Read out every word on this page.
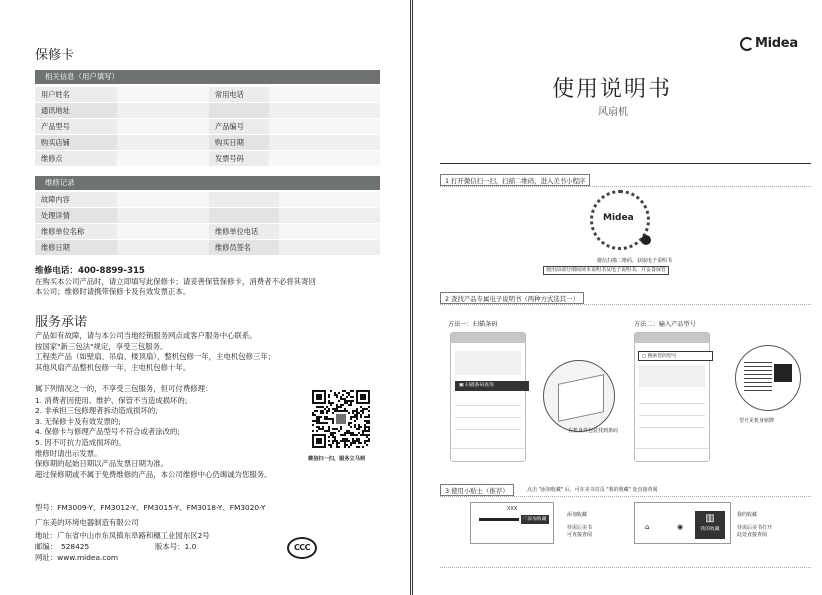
保修卡
相关信息（用户填写）
用户姓名		常用电话	
通讯地址			
产品型号		产品编号	
购买店铺		购买日期	
维修点		发票号码	
维修记录
故障内容			
处理详情			
维修单位名称		维修单位电话	
维修日期		维修员签名	
维修电话：400-8899-315
在购买本公司产品时，请立即填写此保修卡；请妥善保管保修卡，消费者不必将其寄回
本公司；维修时请携带保修卡及有效发票正本。
服务承诺
产品如有故障，请与本公司当地经销服务网点或客户服务中心联系。
按国家"新三包法"规定，享受三包服务。
工程类产品（如壁扇、吊扇、楼顶扇），整机包修一年，主电机包修三年；
其他风扇产品整机包修一年，主电机包修十年。
属下列情况之一的，不享受三包服务，但可付费修理：
1. 消费者因使用、维护、保管不当造成损坏的;
2. 非承担三包修理者拆动造成损坏的;
3. 无保修卡及有效发票的;
4. 保修卡与修理产品型号不符合或者涂改的;
5. 因不可抗力造成损坏的。
维修时请出示发票。
保修期的起始日期以产品发票日期为准。
超过保修期或不属于免费维修的产品，本公司维修中心仍竭诚为您服务。
微信扫一扫，服务立马到
型号：FM3009-Y、FM3012-Y、FM3015-Y、FM3018-Y、FM3020-Y
广东美的环境电器制造有限公司
地址：广东省中山市东凤镇东阜路和穗工业园东区2号
邮编： 528425	版本号：1.0
网址：www.midea.com
CCC
Midea
使用说明书
风扇机
1 打开微信扫一扫，扫描二维码，进入美书小程序
Midea
微信扫描二维码，获取电子说明书
使用前请仔细阅读本说明书及电子说明书，并妥善保管
2 查找产品专属电子说明书（两种方式选其一）
方法一：扫描条码	方法二：输入产品型号
▣ 扫描条码查询
在机身外包装找到条码
○ 搜索您的型号
型号见机身铭牌
3 使用小贴士（推荐）	点击 "添加收藏" 后，可在美书首页 "我的收藏" 处直接查阅
XXX
♡添加收藏
添加收藏
待需后美书
可直接查阅
⌂	◉
▥
我的收藏
我的收藏
待需后美书打开
此处直接查阅
